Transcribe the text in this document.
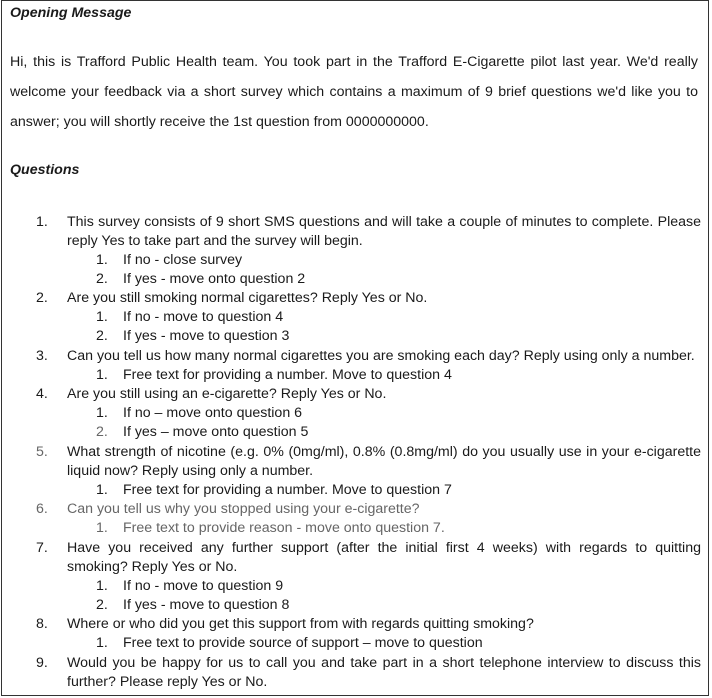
Opening Message
Hi, this is Trafford Public Health team. You took part in the Trafford E-Cigarette pilot last year. We'd really welcome your feedback via a short survey which contains a maximum of 9 brief questions we'd like you to answer; you will shortly receive the 1st question from 0000000000.
Questions
1.	This survey consists of 9 short SMS questions and will take a couple of minutes to complete. Please reply Yes to take part and the survey will begin.
1.	If no - close survey
2.	If yes - move onto question 2
2.	Are you still smoking normal cigarettes? Reply Yes or No.
1.	If no - move to question 4
2.	If yes - move to question 3
3.	Can you tell us how many normal cigarettes you are smoking each day? Reply using only a number.
1.	Free text for providing a number. Move to question 4
4.	Are you still using an e-cigarette? Reply Yes or No.
1.	If no – move onto question 6
2.	If yes – move onto question 5
5.	What strength of nicotine (e.g. 0% (0mg/ml), 0.8% (0.8mg/ml) do you usually use in your e-cigarette liquid now? Reply using only a number.
1.	Free text for providing a number. Move to question 7
6.	Can you tell us why you stopped using your e-cigarette?
1.	Free text to provide reason - move onto question 7.
7.	Have you received any further support (after the initial first 4 weeks) with regards to quitting smoking? Reply Yes or No.
1.	If no - move to question 9
2.	If yes - move to question 8
8.	Where or who did you get this support from with regards quitting smoking?
1.	Free text to provide source of support – move to question
9.	Would you be happy for us to call you and take part in a short telephone interview to discuss this further? Please reply Yes or No.
